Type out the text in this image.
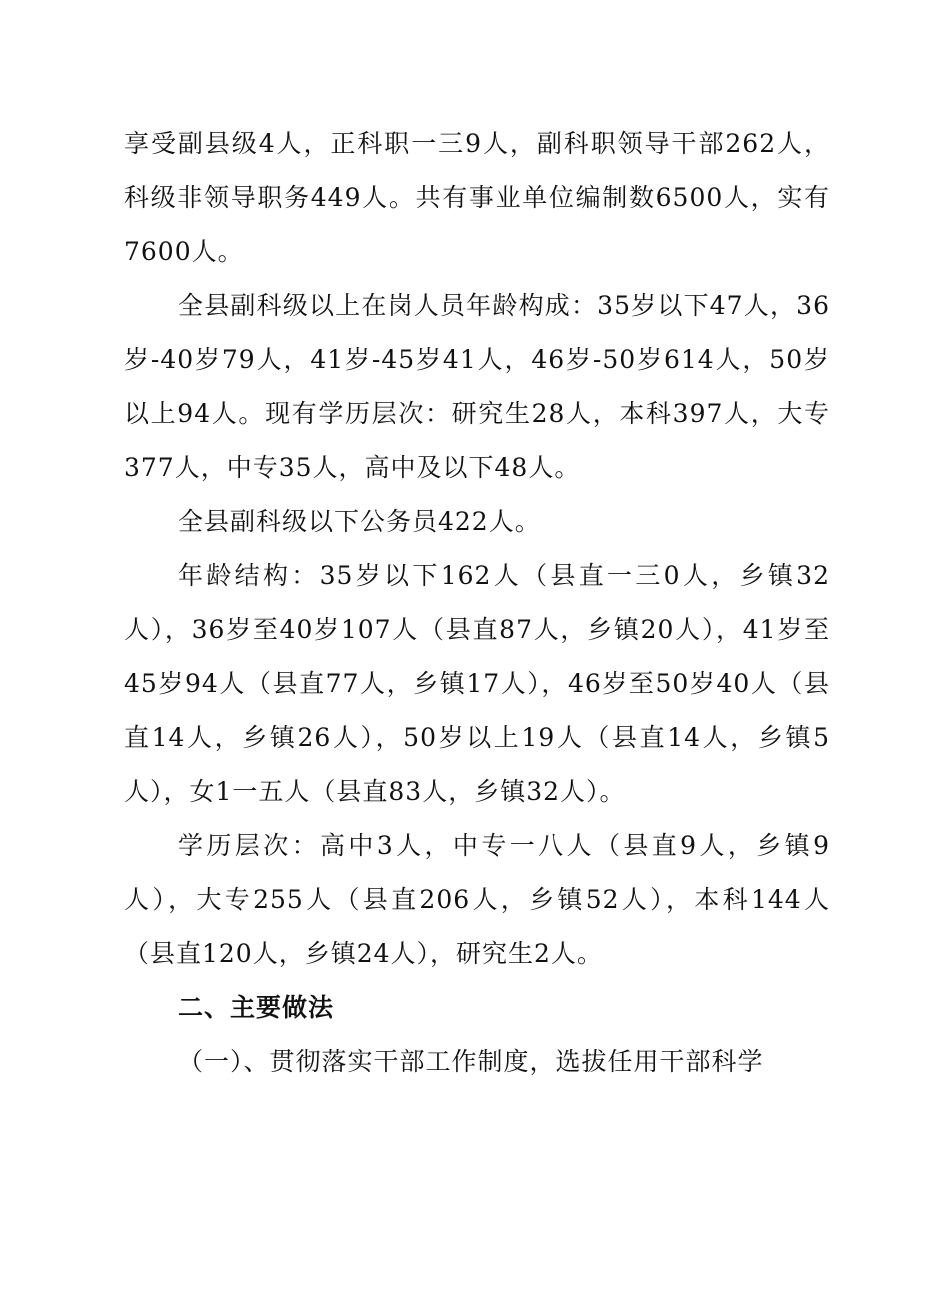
享受副县级4人，正科职一三9人，副科职领导干部262人，科级非领导职务449人。共有事业单位编制数6500人，实有7600人。

全县副科级以上在岗人员年龄构成：35岁以下47人，36岁-40岁79人，41岁-45岁41人，46岁-50岁614人，50岁以上94人。现有学历层次：研究生28人，本科397人，大专377人，中专35人，高中及以下48人。

全县副科级以下公务员422人。

年龄结构：35岁以下162人（县直一三0人，乡镇32人），36岁至40岁107人（县直87人，乡镇20人），41岁至45岁94人（县直77人，乡镇17人），46岁至50岁40人（县直14人，乡镇26人），50岁以上19人（县直14人，乡镇5人），女1一五人（县直83人，乡镇32人）。

学历层次：高中3人，中专一八人（县直9人，乡镇9人），大专255人（县直206人，乡镇52人），本科144人（县直120人，乡镇24人），研究生2人。

二、主要做法

（一）、贯彻落实干部工作制度，选拔任用干部科学
